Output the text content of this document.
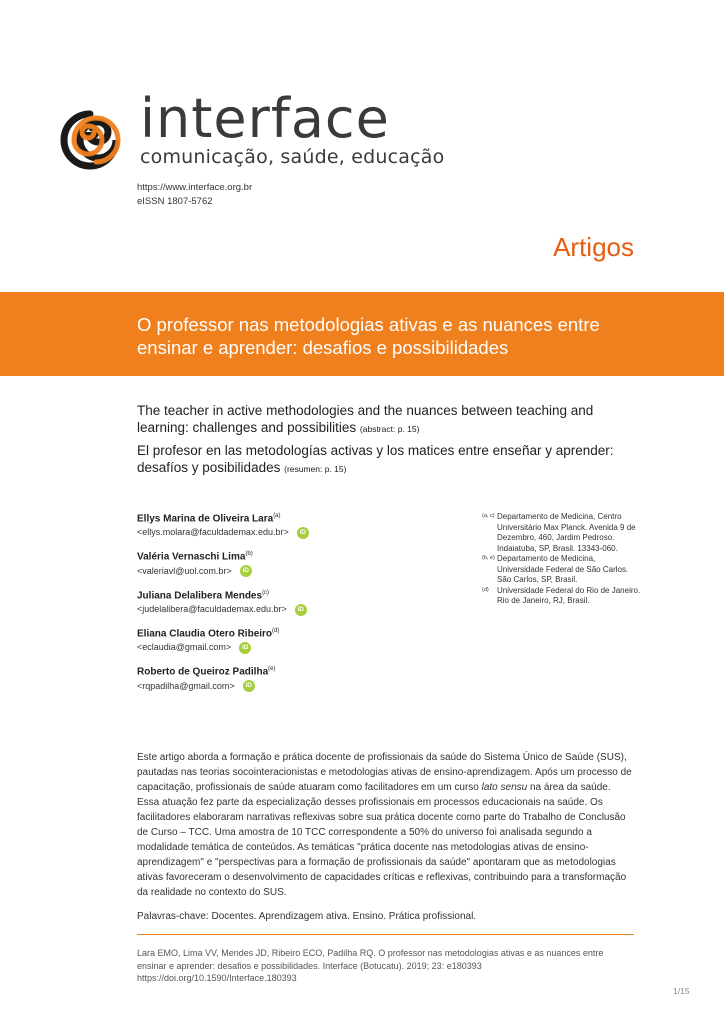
interface
comunicação, saúde, educação
https://www.interface.org.br
eISSN 1807-5762
Artigos
O professor nas metodologias ativas e as nuances entre ensinar e aprender: desafios e possibilidades
The teacher in active methodologies and the nuances between teaching and learning: challenges and possibilities (abstract: p. 15)
El profesor en las metodologías activas y los matices entre enseñar y aprender: desafíos y posibilidades (resumen: p. 15)
Ellys Marina de Oliveira Lara$^{(a)}$
<ellys.molara@faculdademax.edu.br> iD
Valéria Vernaschi Lima$^{(b)}$
<valeriavl@uol.com.br> iD
Juliana Delalibera Mendes$^{(c)}$
<judelalibera@faculdademax.edu.br> iD
Eliana Claudia Otero Ribeiro$^{(d)}$
<eclaudia@gmail.com> iD
Roberto de Queiroz Padilha$^{(e)}$
<rqpadilha@gmail.com> iD
(a, c) Departamento de Medicina, Centro Universitário Max Planck. Avenida 9 de Dezembro, 460, Jardim Pedroso. Indaiatuba, SP, Brasil. 13343-060.
(b, e) Departamento de Medicina, Universidade Federal de São Carlos. São Carlos, SP, Brasil.
(d)	Universidade Federal do Rio de Janeiro. Rio de Janeiro, RJ, Brasil.
Este artigo aborda a formação e prática docente de profissionais da saúde do Sistema Único de Saúde (SUS), pautadas nas teorias socointeracionistas e metodologias ativas de ensino-aprendizagem. Após um processo de capacitação, profissionais de saúde atuaram como facilitadores em um curso lato sensu na área da saúde. Essa atuação fez parte da especialização desses profissionais em processos educacionais na saúde. Os facilitadores elaboraram narrativas reflexivas sobre sua prática docente como parte do Trabalho de Conclusão de Curso – TCC. Uma amostra de 10 TCC correspondente a 50% do universo foi analisada segundo a modalidade temática de conteúdos. As temáticas "prática docente nas metodologias ativas de ensino-aprendizagem" e "perspectivas para a formação de profissionais da saúde" apontaram que as metodologias ativas favoreceram o desenvolvimento de capacidades críticas e reflexivas, contribuindo para a transformação da realidade no contexto do SUS.
Palavras-chave: Docentes. Aprendizagem ativa. Ensino. Prática profissional.
Lara EMO, Lima VV, Mendes JD, Ribeiro ECO, Padilha RQ. O professor nas metodologias ativas e as nuances entre ensinar e aprender: desafios e possibilidades. Interface (Botucatu). 2019; 23: e180393 https://doi.org/10.1590/Interface.180393
1/15
